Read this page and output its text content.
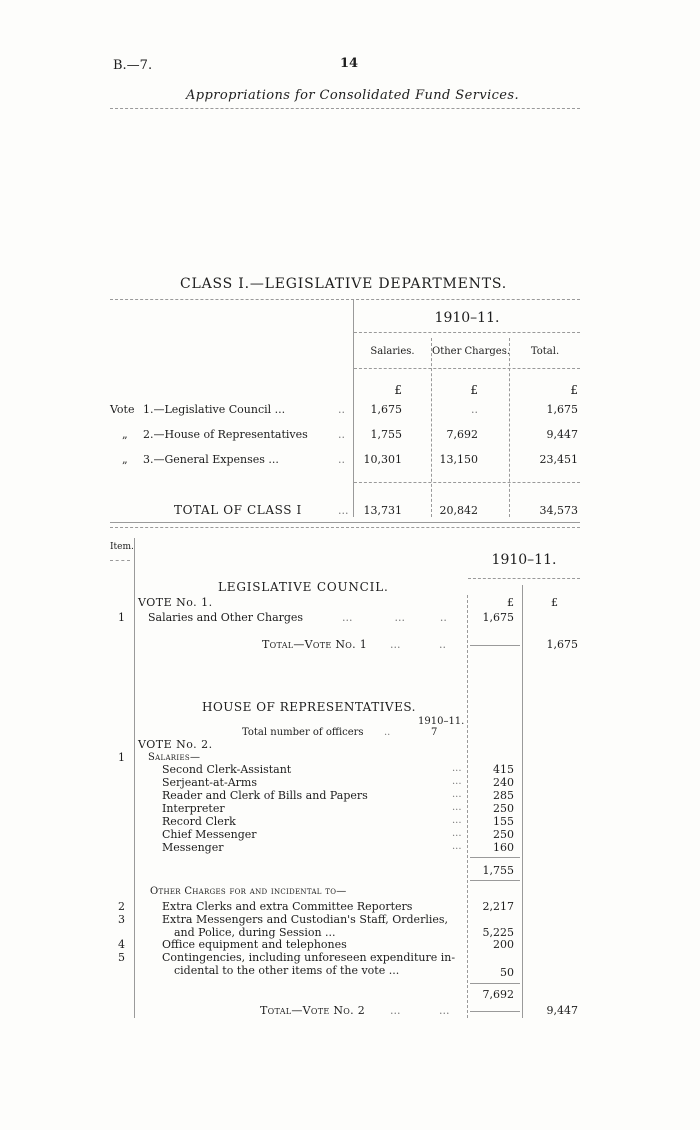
B.—7.	14
Appropriations for Consolidated Fund Services.
CLASS I.—LEGISLATIVE DEPARTMENTS.
1910–11.
Salaries.	Other Charges.	Total.
£	£	£
Vote 1.—Legislative Council ...	..	1,675	..	1,675
„ 2.—House of Representatives	..	1,755	7,692	9,447
„ 3.—General Expenses ...	..	10,301	13,150	23,451
TOTAL OF CLASS I	...	13,731	20,842	34,573
Item.
1910–11.
LEGISLATIVE COUNCIL.
VOTE No. 1.	£	£
1 Salaries and Other Charges	...            ...          ..	1,675
Total—Vote No. 1 ...           ..	1,675
HOUSE OF REPRESENTATIVES.
1910–11.
Total number of officers ..	7
VOTE No. 2.
1 Salaries—
Second Clerk-Assistant	...	415
Serjeant-at-Arms	...	240
Reader and Clerk of Bills and Papers	...	285
Interpreter	...	250
Record Clerk	...	155
Chief Messenger	...	250
Messenger	...	160
1,755
Other Charges for and incidental to—
2	Extra Clerks and extra Committee Reporters	2,217
3	Extra Messengers and Custodian's Staff, Orderlies,
and Police, during Session ...	5,225
4	Office equipment and telephones	200
5	Contingencies, including unforeseen expenditure in-
cidental to the other items of the vote ...	50
7,692
Total—Vote No. 2 ...           ...	9,447
